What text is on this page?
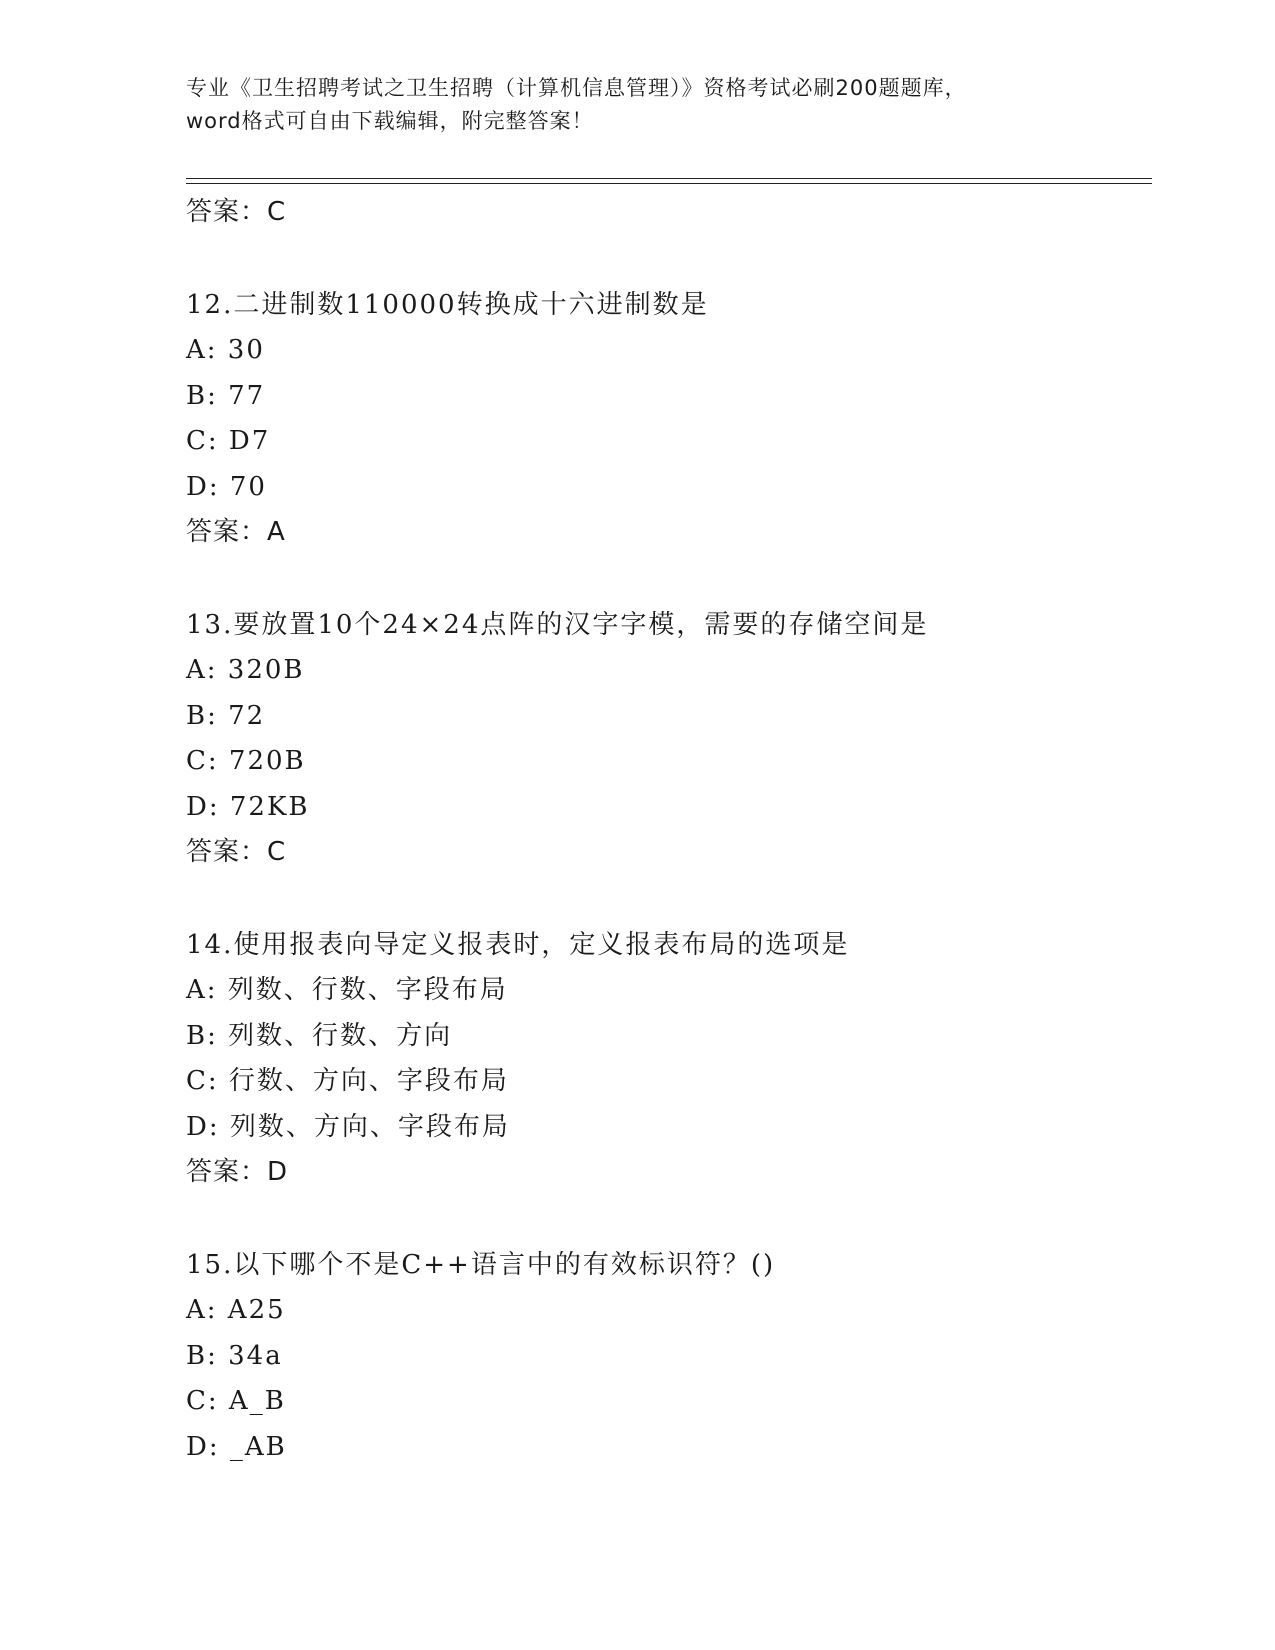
专业《卫生招聘考试之卫生招聘（计算机信息管理）》资格考试必刷200题题库，
word格式可自由下载编辑，附完整答案！
答案：C
12.二进制数110000转换成十六进制数是
A: 30
B: 77
C: D7
D: 70
答案：A
13.要放置10个24×24点阵的汉字字模，需要的存储空间是
A: 320B
B: 72
C: 720B
D: 72KB
答案：C
14.使用报表向导定义报表时，定义报表布局的选项是
A: 列数、行数、字段布局
B: 列数、行数、方向
C: 行数、方向、字段布局
D: 列数、方向、字段布局
答案：D
15.以下哪个不是C++语言中的有效标识符？()
A: A25
B: 34a
C: A_B
D: _AB
